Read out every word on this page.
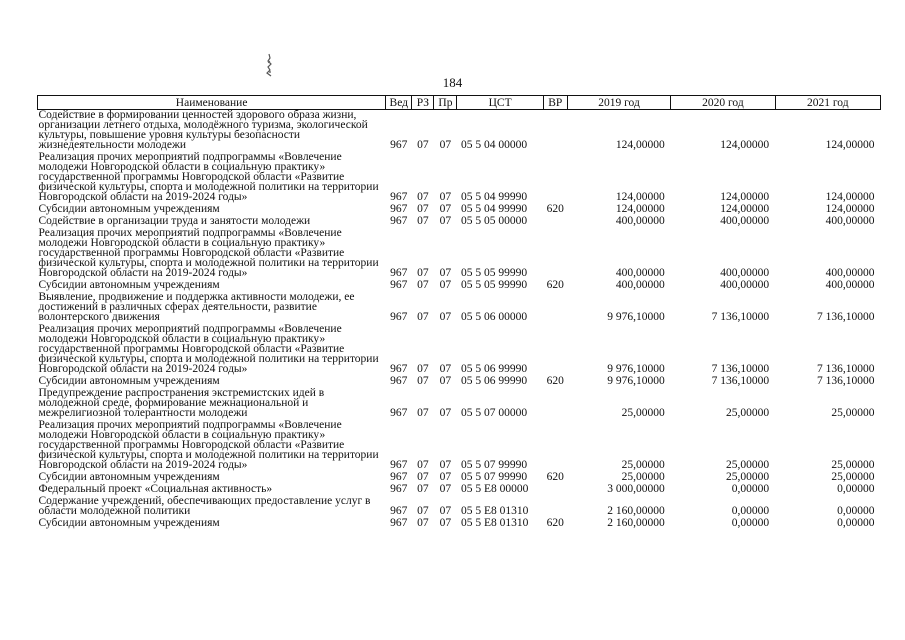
184
Наименование	Вед	РЗ	Пр	ЦСТ	ВР	2019 год	2020 год	2021 год
Содействие в формировании ценностей здорового образа жизни, организации летнего отдыха, молодёжного туризма, экологической культуры, повышение уровня культуры безопасности жизнедеятельности молодежи	967	07	07	05 5 04 00000		124,00000	124,00000	124,00000
Реализация прочих мероприятий подпрограммы «Вовлечение молодежи Новгородской области в социальную практику» государственной программы Новгородской области «Развитие физической культуры, спорта и молодежной политики на территории Новгородской области на 2019-2024 годы»	967	07	07	05 5 04 99990		124,00000	124,00000	124,00000
Субсидии автономным учреждениям	967	07	07	05 5 04 99990	620	124,00000	124,00000	124,00000
Содействие в организации труда и занятости молодежи	967	07	07	05 5 05 00000		400,00000	400,00000	400,00000
Реализация прочих мероприятий подпрограммы «Вовлечение молодежи Новгородской области в социальную практику» государственной программы Новгородской области «Развитие физической культуры, спорта и молодежной политики на территории Новгородской области на 2019-2024 годы»	967	07	07	05 5 05 99990		400,00000	400,00000	400,00000
Субсидии автономным учреждениям	967	07	07	05 5 05 99990	620	400,00000	400,00000	400,00000
Выявление, продвижение и поддержка активности молодежи, ее достижений в различных сферах деятельности, развитие волонтерского движения	967	07	07	05 5 06 00000		9 976,10000	7 136,10000	7 136,10000
Реализация прочих мероприятий подпрограммы «Вовлечение молодежи Новгородской области в социальную практику» государственной программы Новгородской области «Развитие физической культуры, спорта и молодежной политики на территории Новгородской области на 2019-2024 годы»	967	07	07	05 5 06 99990		9 976,10000	7 136,10000	7 136,10000
Субсидии автономным учреждениям	967	07	07	05 5 06 99990	620	9 976,10000	7 136,10000	7 136,10000
Предупреждение распространения экстремистских идей в молодежной среде, формирование межнациональной и межрелигиозной толерантности молодежи	967	07	07	05 5 07 00000		25,00000	25,00000	25,00000
Реализация прочих мероприятий подпрограммы «Вовлечение молодежи Новгородской области в социальную практику» государственной программы Новгородской области «Развитие физической культуры, спорта и молодежной политики на территории Новгородской области на 2019-2024 годы»	967	07	07	05 5 07 99990		25,00000	25,00000	25,00000
Субсидии автономным учреждениям	967	07	07	05 5 07 99990	620	25,00000	25,00000	25,00000
Федеральный проект «Социальная активность»	967	07	07	05 5 E8 00000		3 000,00000	0,00000	0,00000
Содержание учреждений, обеспечивающих предоставление услуг в области молодежной политики	967	07	07	05 5 E8 01310		2 160,00000	0,00000	0,00000
Субсидии автономным учреждениям	967	07	07	05 5 E8 01310	620	2 160,00000	0,00000	0,00000
